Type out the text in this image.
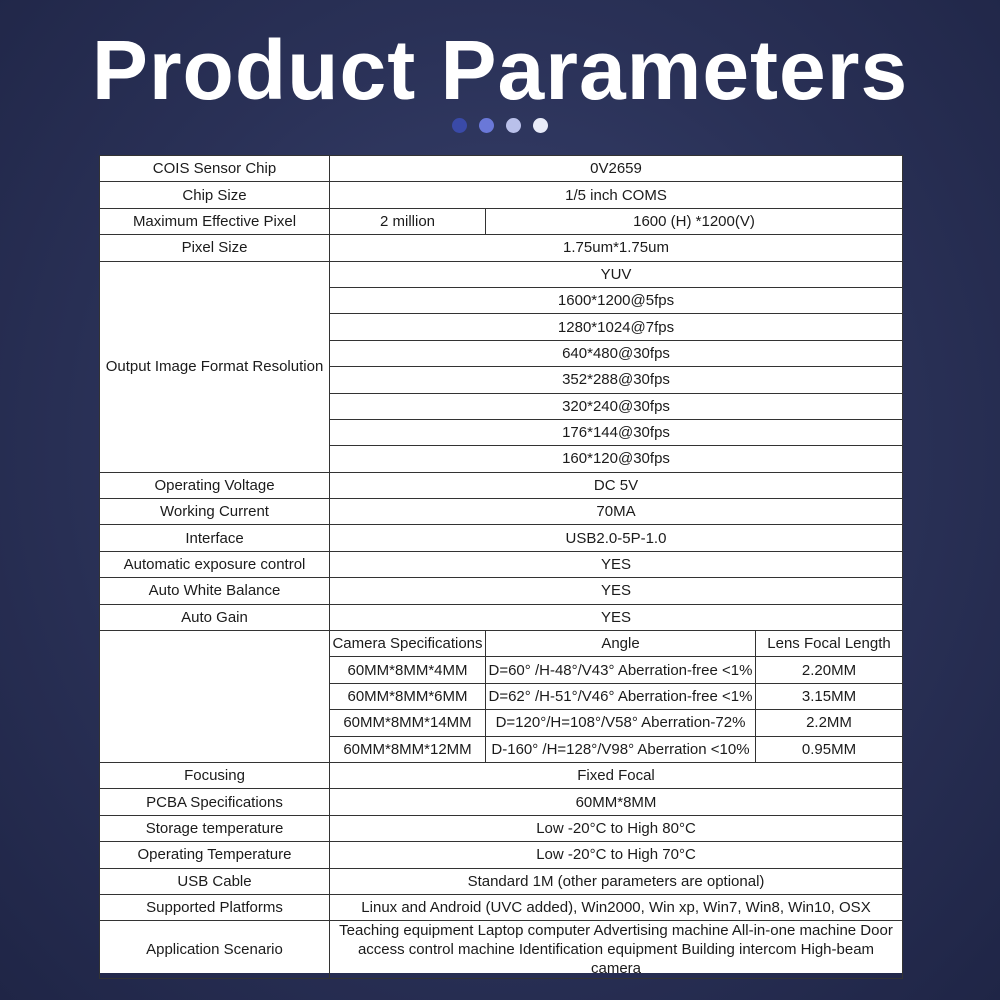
Product Parameters

COIS Sensor Chip	0V2659		
Chip Size	1/5 inch COMS		
Maximum Effective Pixel	2 million	1600 (H) *1200(V)	
Pixel Size	1.75um*1.75um		
Output Image Format Resolution	YUV		
	1600*1200@5fps		
	1280*1024@7fps		
	640*480@30fps		
	352*288@30fps		
	320*240@30fps		
	176*144@30fps		
	160*120@30fps		
Operating Voltage	DC 5V		
Working Current	70MA		
Interface	USB2.0-5P-1.0		
Automatic exposure control	YES		
Auto White Balance	YES		
Auto Gain	YES		
	Camera Specifications	Angle	Lens Focal Length
	60MM*8MM*4MM	D=60° /H-48°/V43° Aberration-free <1%	2.20MM
	60MM*8MM*6MM	D=62° /H-51°/V46° Aberration-free <1%	3.15MM
	60MM*8MM*14MM	D=120°/H=108°/V58° Aberration-72%	2.2MM
	60MM*8MM*12MM	D-160° /H=128°/V98° Aberration <10%	0.95MM
Focusing	Fixed Focal		
PCBA Specifications	60MM*8MM		
Storage temperature	Low -20°C to High 80°C		
Operating Temperature	Low -20°C to High 70°C		
USB Cable	Standard 1M (other parameters are optional)		
Supported Platforms	Linux and Android (UVC added), Win2000, Win xp, Win7, Win8, Win10, OSX		
Application Scenario	Teaching equipment Laptop computer Advertising machine All-in-one machine Door access control machine Identification equipment Building intercom High-beam camera		
